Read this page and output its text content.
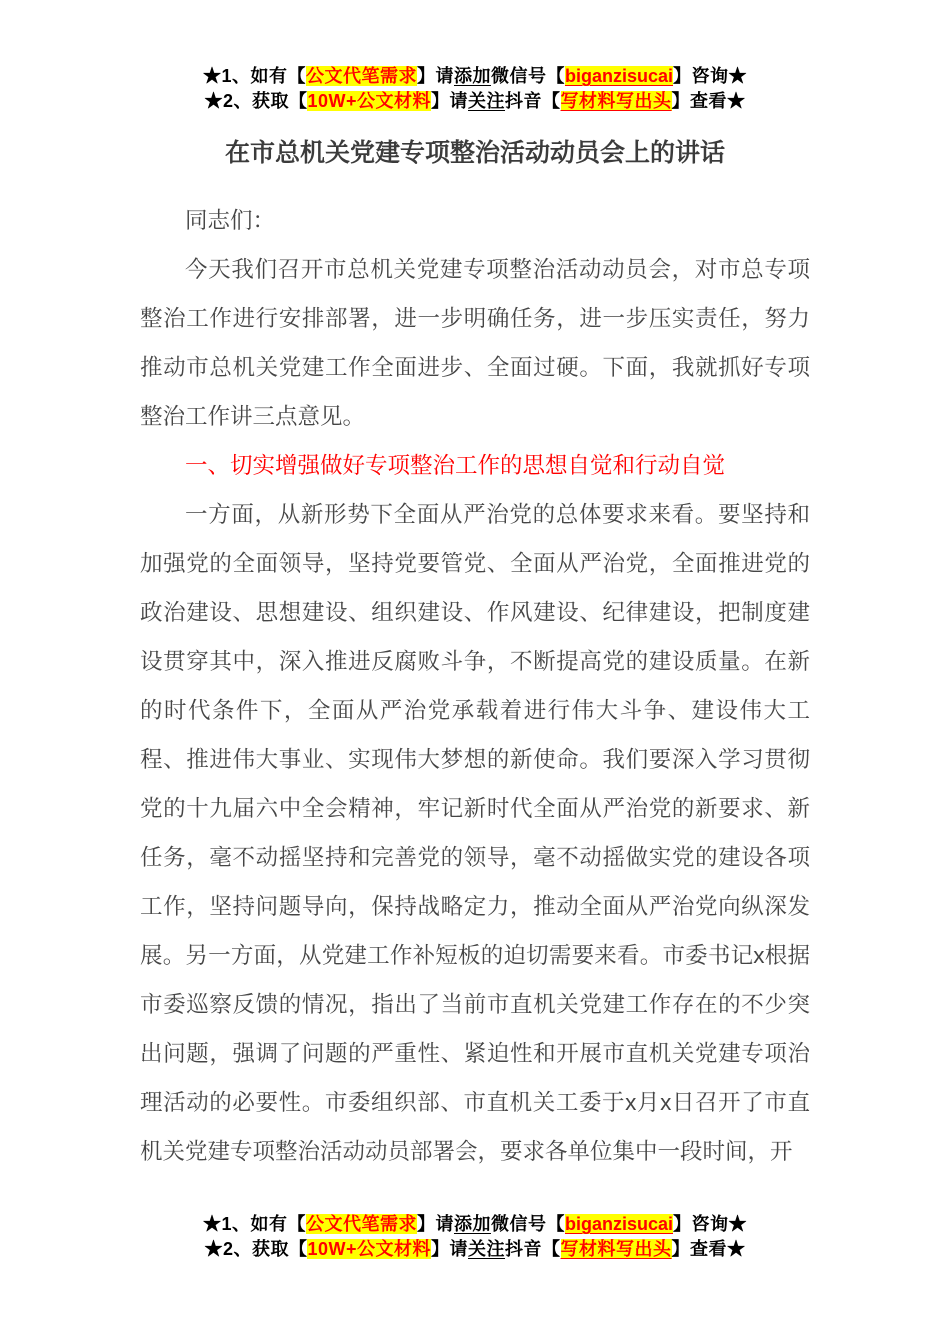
★1、如有【公文代笔需求】请添加微信号【biganzisucai】咨询★
★2、获取【10W+公文材料】请关注抖音【写材料写出头】查看★
在市总机关党建专项整治活动动员会上的讲话

同志们：

今天我们召开市总机关党建专项整治活动动员会，对市总专项整治工作进行安排部署，进一步明确任务，进一步压实责任，努力推动市总机关党建工作全面进步、全面过硬。下面，我就抓好专项整治工作讲三点意见。

一、切实增强做好专项整治工作的思想自觉和行动自觉

一方面，从新形势下全面从严治党的总体要求来看。要坚持和加强党的全面领导，坚持党要管党、全面从严治党，全面推进党的政治建设、思想建设、组织建设、作风建设、纪律建设，把制度建设贯穿其中，深入推进反腐败斗争，不断提高党的建设质量。在新的时代条件下，全面从严治党承载着进行伟大斗争、建设伟大工程、推进伟大事业、实现伟大梦想的新使命。我们要深入学习贯彻党的十九届六中全会精神，牢记新时代全面从严治党的新要求、新任务，毫不动摇坚持和完善党的领导，毫不动摇做实党的建设各项工作，坚持问题导向，保持战略定力，推动全面从严治党向纵深发展。另一方面，从党建工作补短板的迫切需要来看。市委书记x根据市委巡察反馈的情况，指出了当前市直机关党建工作存在的不少突出问题，强调了问题的严重性、紧迫性和开展市直机关党建专项治理活动的必要性。市委组织部、市直机关工委于x月x日召开了市直机关党建专项整治活动动员部署会，要求各单位集中一段时间，开

★1、如有【公文代笔需求】请添加微信号【biganzisucai】咨询★
★2、获取【10W+公文材料】请关注抖音【写材料写出头】查看★
